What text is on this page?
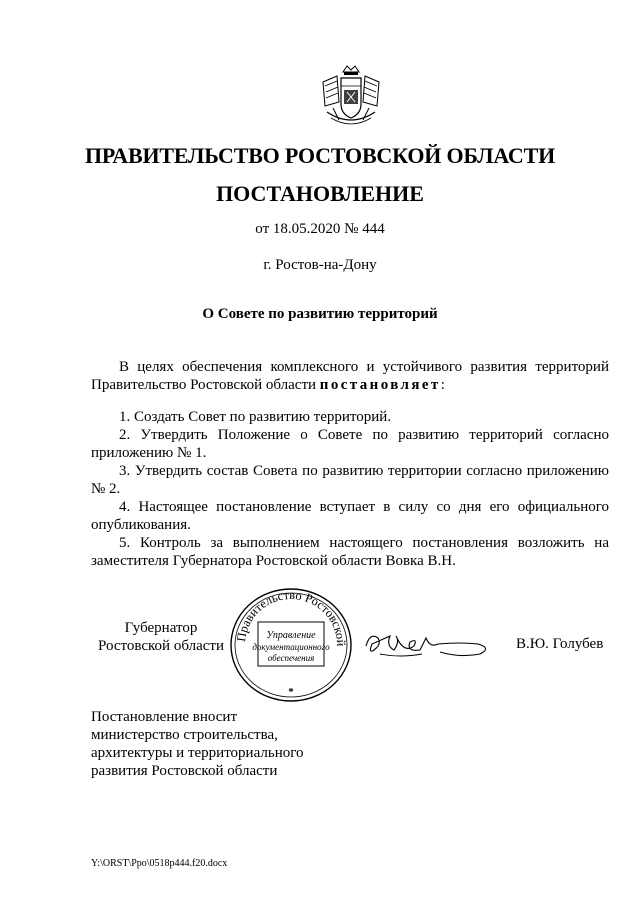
ПРАВИТЕЛЬСТВО РОСТОВСКОЙ ОБЛАСТИ
ПОСТАНОВЛЕНИЕ
от 18.05.2020 № 444
г. Ростов-на-Дону
О Совете по развитию территорий

В целях обеспечения комплексного и устойчивого развития территорий Правительство Ростовской области постановляет:

1. Создать Совет по развитию территорий.

2. Утвердить Положение о Совете по развитию территорий согласно приложению № 1.

3. Утвердить состав Совета по развитию территории согласно приложению № 2.

4. Настоящее постановление вступает в силу со дня его официального опубликования.

5. Контроль за выполнением настоящего постановления возложить на заместителя Губернатора Ростовской области Вовка В.Н.

Губернатор
Ростовской области
Правительство Ростовской
Управление
документационного
обеспечения
*
В.Ю. Голубев
Постановление вносит
министерство строительства,
архитектуры и территориального
развития Ростовской области
Y:\ORST\Ppo\0518p444.f20.docx
